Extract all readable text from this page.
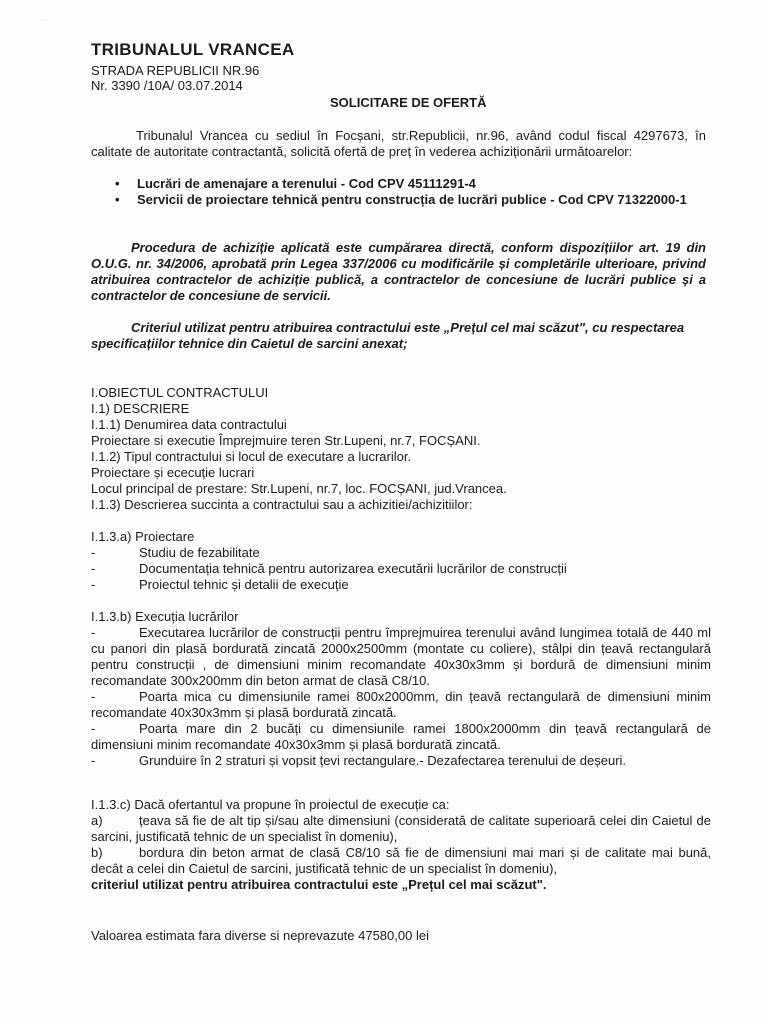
· ·
TRIBUNALUL VRANCEA
STRADA REPUBLICII NR.96
Nr. 3390 /10A/ 03.07.2014
SOLICITARE DE OFERTĂ
Tribunalul Vrancea cu sediul în Focșani, str.Republicii, nr.96, având codul fiscal 4297673, în calitate de autoritate contractantă, solicită ofertă de preț în vederea achiziționării următoarelor:
• Lucrări de amenajare a terenului - Cod CPV 45111291-4
• Servicii de proiectare tehnică pentru construcția de lucrări publice - Cod CPV 71322000-1
Procedura de achiziție aplicată este cumpărarea directă, conform dispozițiilor art. 19 din O.U.G. nr. 34/2006, aprobată prin Legea 337/2006 cu modificările și completările ulterioare, privind atribuirea contractelor de achiziție publică, a contractelor de concesiune de lucrări publice și a contractelor de concesiune de servicii.
Criteriul utilizat pentru atribuirea contractului este „Prețul cel mai scăzut", cu respectarea specificațiilor tehnice din Caietul de sarcini anexat;
I.OBIECTUL CONTRACTULUI
I.1) DESCRIERE
I.1.1) Denumirea data contractului
Proiectare si executie Împrejmuire teren Str.Lupeni, nr.7, FOCȘANI.
I.1.2) Tipul contractului si locul de executare a lucrarilor.
Proiectare și ececuție lucrari
Locul principal de prestare: Str.Lupeni, nr.7, loc. FOCȘANI, jud.Vrancea.
I.1.3) Descrierea succinta a contractului sau a achizitiei/achizitiilor:
I.1.3.a) Proiectare
-	Studiu de fezabilitate
-	Documentația tehnică pentru autorizarea executării lucrărilor de construcții
-	Proiectul tehnic și detalii de execuție
I.1.3.b) Execuția lucrărilor
-	Executarea lucrărilor de construcții pentru împrejmuirea terenului având lungimea totală de 440 ml cu panori din plasă bordurată zincată 2000x2500mm (montate cu coliere), stâlpi din țeavă rectangulară pentru construcții , de dimensiuni minim recomandate 40x30x3mm și bordură de dimensiuni minim recomandate 300x200mm din beton armat de clasă C8/10.
-	Poarta mica cu dimensiunile ramei 800x2000mm, din țeavă rectangulară de dimensiuni minim recomandate 40x30x3mm și plasă bordurată zincată.
-	Poarta mare din 2 bucăți cu dimensiunile ramei 1800x2000mm din țeavă rectangulară de dimensiuni minim recomandate 40x30x3mm și plasă bordurată zincată.
-	Grunduire în 2 straturi și vopsit țevi rectangulare.- Dezafectarea terenului de deșeuri.
I.1.3.c) Dacă ofertantul va propune în proiectul de execuție ca:
a)	țeava să fie de alt tip și/sau alte dimensiuni (considerată de calitate superioară celei din Caietul de sarcini, justificată tehnic de un specialist în domeniu),
b)	bordura din beton armat de clasă C8/10 să fie de dimensiuni mai mari și de calitate mai bună, decât a celei din Caietul de sarcini, justificată tehnic de un specialist în domeniu),
criteriul utilizat pentru atribuirea contractului este „Prețul cel mai scăzut".
Valoarea estimata fara diverse si neprevazute 47580,00 lei
